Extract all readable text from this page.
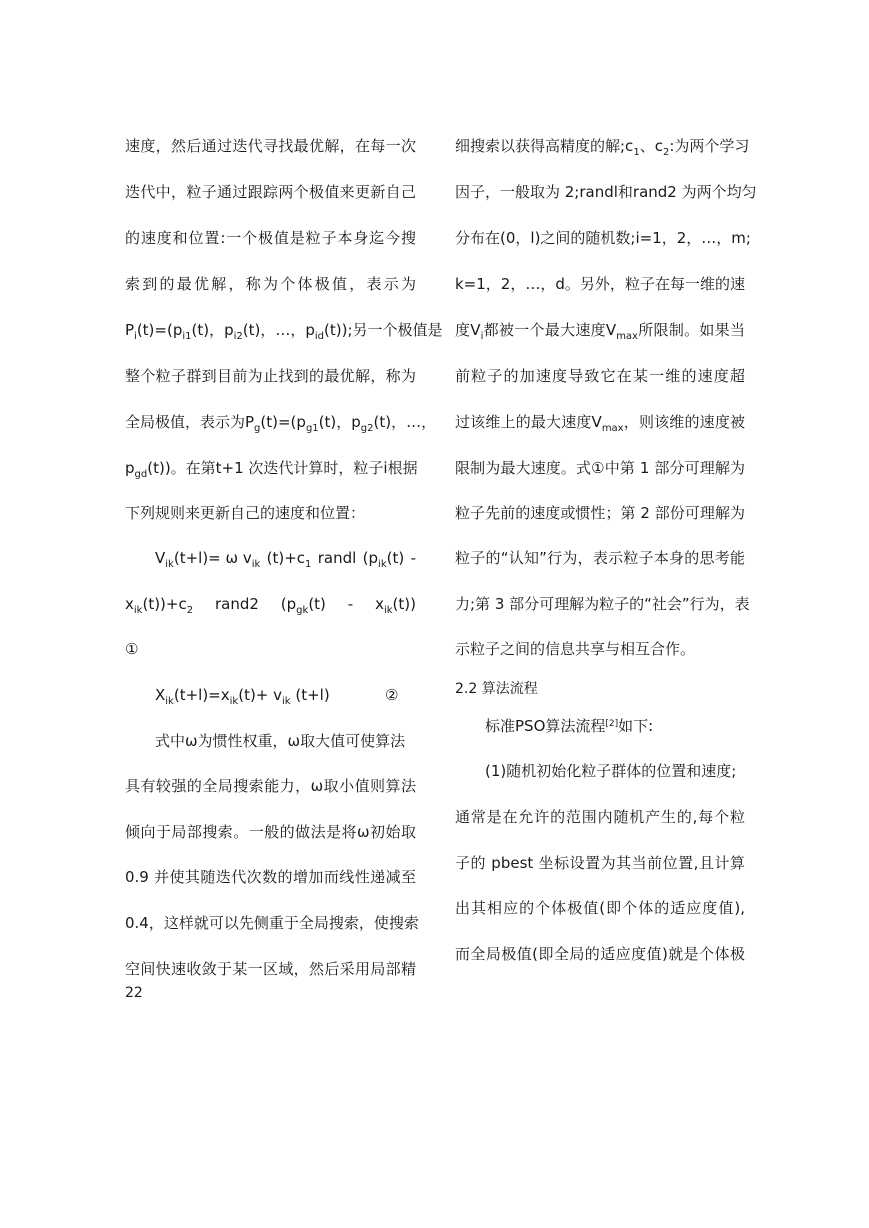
速度，然后通过迭代寻找最优解，在每一次
迭代中，粒子通过跟踪两个极值来更新自己
的速度和位置:一个极值是粒子本身迄今搜
索到的最优解，称为个体极值，表示为
$P_i(t)=(p_{i1}(t)$，$p_{i2}(t)$，…，$p_{id}(t)$);另一个极值是
整个粒子群到目前为止找到的最优解，称为
全局极值，表示为$P_g(t)=(p_{g1}(t)$，$p_{g2}(t)$，…，
$p_{gd}(t)$)。在第t+1 次迭代计算时，粒子i根据
下列规则来更新自己的速度和位置：
$V_{ik}(t+l)= \omega$ $v_{ik}$ $(t)+c_1$ randl ($p_{ik}(t)$ -
$x_{ik}(t))+c_2$ rand2 $(p_{gk}(t) - x_{ik}(t))$
①
$X_{ik}(t+l)=x_{ik}(t)+ v_{ik}$ (t+l)	②
式中ω为惯性权重，ω取大值可使算法
具有较强的全局搜索能力，ω取小值则算法
倾向于局部搜索。一般的做法是将ω初始取
0.9 并使其随迭代次数的增加而线性递减至
0.4，这样就可以先侧重于全局搜索，使搜索
空间快速收敛于某一区域，然后采用局部精
22
细搜索以获得高精度的解$;c_1$、$c_2$:为两个学习
因子，一般取为 2;randl和rand2 为两个均匀
分布在(0，l)之间的随机数;i=1，2，…，m;
k=1，2，…，d。另外，粒子在每一维的速
度$V_i$都被一个最大速度$V_{max}$所限制。如果当
前粒子的加速度导致它在某一维的速度超
过该维上的最大速度$V_{max}$，则该维的速度被
限制为最大速度。式①中第 1 部分可理解为
粒子先前的速度或惯性；第 2 部份可理解为
粒子的“认知”行为，表示粒子本身的思考能
力;第 3 部分可理解为粒子的“社会”行为，表
示粒子之间的信息共享与相互合作。
2.2 算法流程
标准PSO算法流程[2]如下:
(1)随机初始化粒子群体的位置和速度;
通常是在允许的范围内随机产生的,每个粒
子的 pbest 坐标设置为其当前位置,且计算
出其相应的个体极值(即个体的适应度值),
而全局极值(即全局的适应度值)就是个体极
